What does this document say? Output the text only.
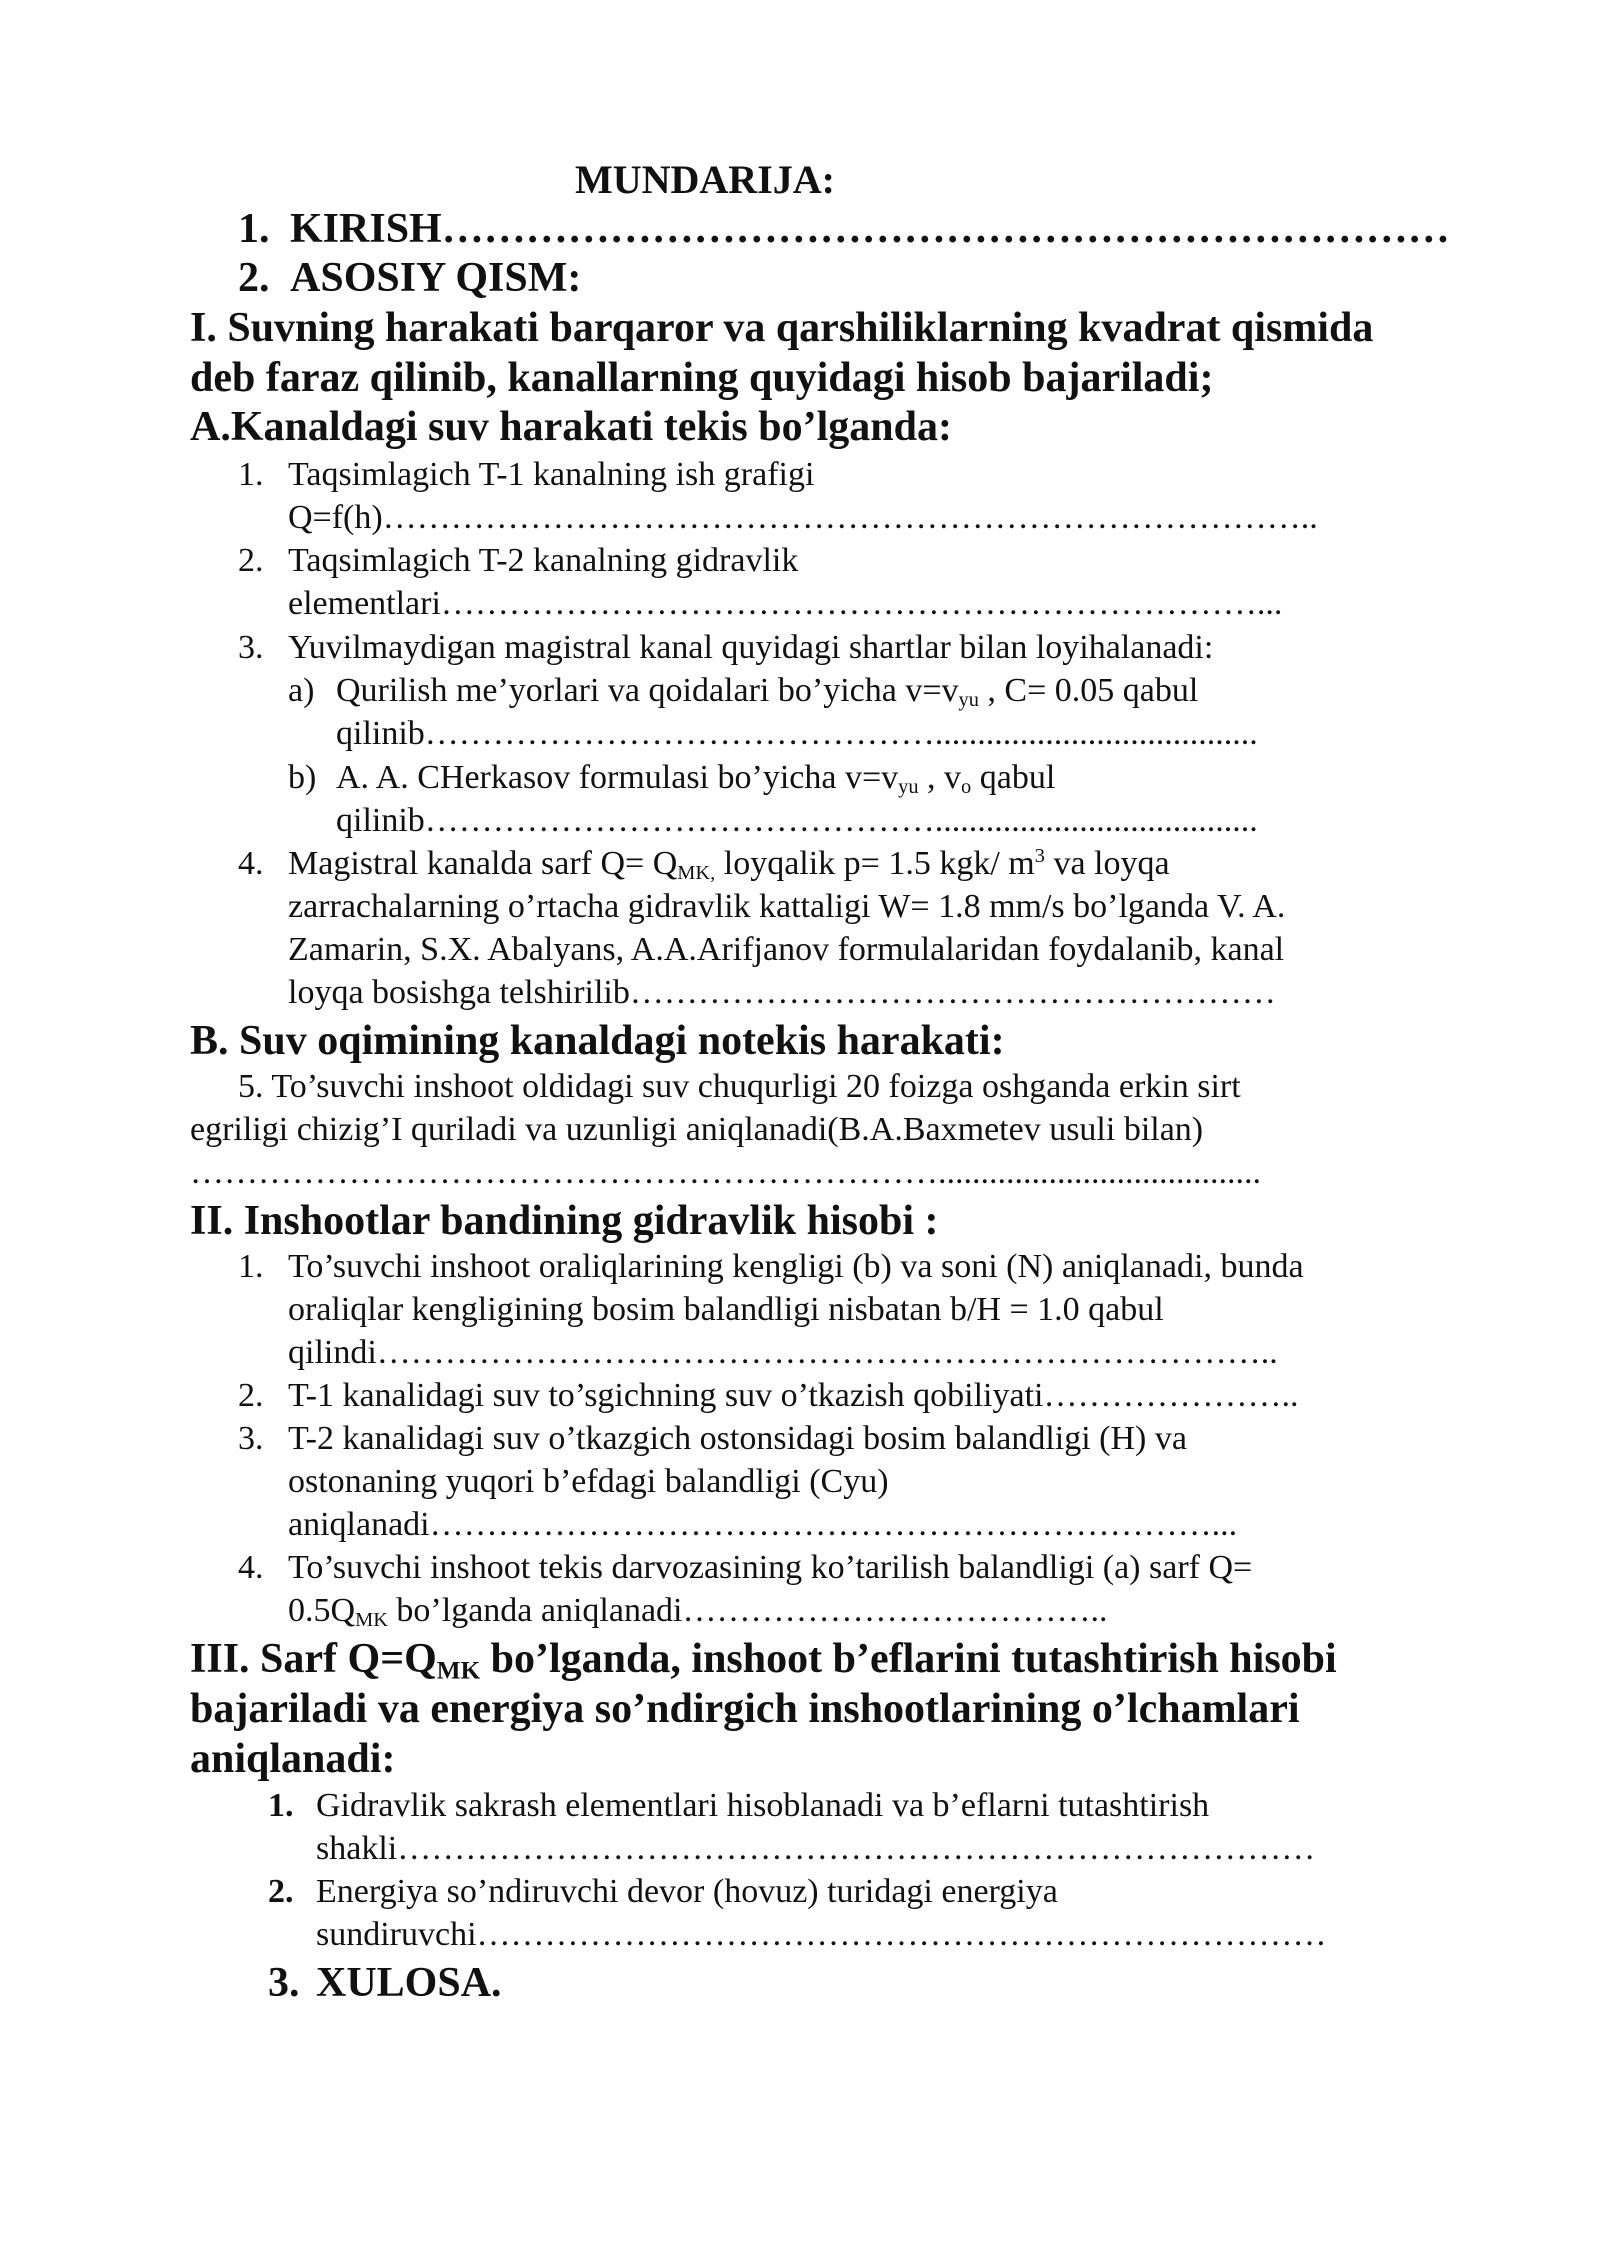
MUNDARIJA:
1. KIRISH………………………………………………………………
2. ASOSIY QISM:
I. Suvning harakati barqaror va qarshiliklarning kvadrat qismida
deb faraz qilinib, kanallarning quyidagi hisob bajariladi;
A.Kanaldagi suv harakati tekis bo’lganda:
1. Taqsimlagich T-1 kanalning ish grafigi
Q=f(h)………………………………………………………………………..
2. Taqsimlagich T-2 kanalning gidravlik
elementlari………………………………………………………………...
3. Yuvilmaydigan magistral kanal quyidagi shartlar bilan loyihalanadi:
a) Qurilish me’yorlari va qoidalari bo’yicha $v=v_{yu}$ , C= 0.05 qabul
qilinib………………………………………......................................
b) A. A. CHerkasov formulasi bo’yicha $v=v_{yu}$ , $v_o$ qabul
qilinib………………………………………......................................
4. Magistral kanalda sarf $Q= Q_{MK,}$ loyqalik p= 1.5 kgk/ $m^3$ va loyqa
zarrachalarning o’rtacha gidravlik kattaligi W= 1.8 mm/s bo’lganda V. A.
Zamarin, S.X. Abalyans, A.A.Arifjanov formulalaridan foydalanib, kanal
loyqa bosishga telshirilib…………………………………………………
B. Suv oqimining kanaldagi notekis harakati:
5. To’suvchi inshoot oldidagi suv chuqurligi 20 foizga oshganda erkin sirt
egriligi chizig’I quriladi va uzunligi aniqlanadi(B.A.Baxmetev usuli bilan)
…………………………………………………………......................................
II. Inshootlar bandining gidravlik hisobi :
1. To’suvchi inshoot oraliqlarining kengligi (b) va soni (N) aniqlanadi, bunda
oraliqlar kengligining bosim balandligi nisbatan b/H = 1.0 qabul
qilindi……………………………………………………………………..
2. T-1 kanalidagi suv to’sgichning suv o’tkazish qobiliyati…………………..
3. T-2 kanalidagi suv o’tkazgich ostonsidagi bosim balandligi (H) va
ostonaning yuqori b’efdagi balandligi (Cyu)
aniqlanadi……………………………………………………………...
4. To’suvchi inshoot tekis darvozasining ko’tarilish balandligi (a) sarf Q=
$0.5Q_{MK}$ bo’lganda aniqlanadi………………………………..
III. Sarf $Q=Q_{MK}$ bo’lganda, inshoot b’eflarini tutashtirish hisobi
bajariladi va energiya so’ndirgich inshootlarining o’lchamlari
aniqlanadi:
1. Gidravlik sakrash elementlari hisoblanadi va b’eflarni tutashtirish
shakli………………………………………………………………………
2. Energiya so’ndiruvchi devor (hovuz) turidagi energiya
sundiruvchi…………………………………………………………………
3. XULOSA.
